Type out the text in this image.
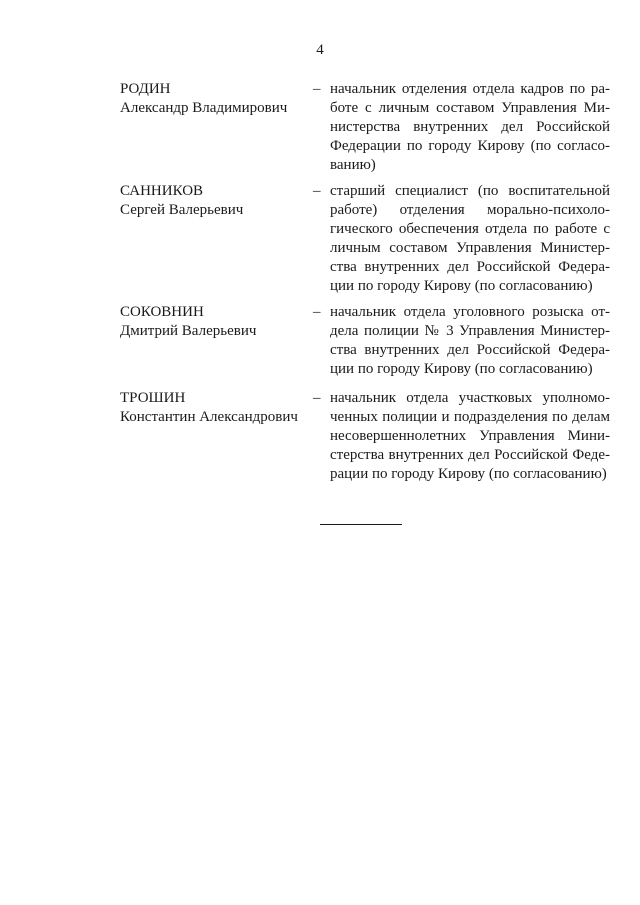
4
РОДИН
Александр Владимирович
– начальник отделения отдела кадров по ра-
боте с личным составом Управления Ми-
нистерства внутренних дел Российской
Федерации по городу Кирову (по согласо-
ванию)
САННИКОВ
Сергей Валерьевич
– старший специалист (по воспитательной
работе) отделения морально-психоло-
гического обеспечения отдела по работе с
личным составом Управления Министер-
ства внутренних дел Российской Федера-
ции по городу Кирову (по согласованию)
СОКОВНИН
Дмитрий Валерьевич
– начальник отдела уголовного розыска от-
дела полиции № 3 Управления Министер-
ства внутренних дел Российской Федера-
ции по городу Кирову (по согласованию)
ТРОШИН
Константин Александрович
– начальник отдела участковых уполномо-
ченных полиции и подразделения по делам
несовершеннолетних Управления Мини-
стерства внутренних дел Российской Феде-
рации по городу Кирову (по согласованию)
